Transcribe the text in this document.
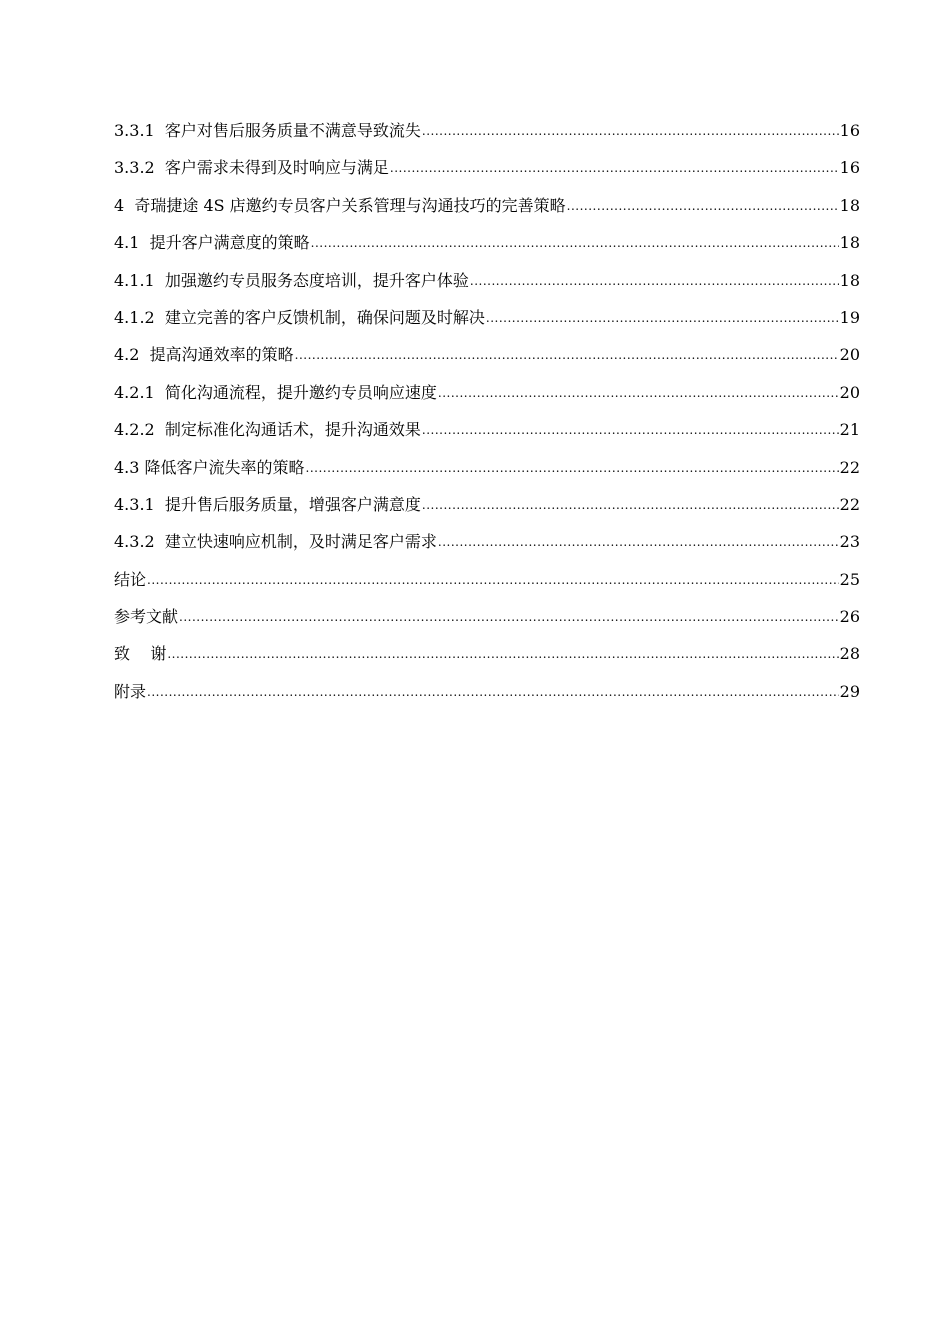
3.3.1  客户对售后服务质量不满意导致流失 .....	16
3.3.2  客户需求未得到及时响应与满足 .....	16
4  奇瑞捷途 4S 店邀约专员客户关系管理与沟通技巧的完善策略 .....	18
4.1  提升客户满意度的策略 .....	18
4.1.1  加强邀约专员服务态度培训，提升客户体验 .....	18
4.1.2  建立完善的客户反馈机制，确保问题及时解决 .....	19
4.2  提高沟通效率的策略 .....	20
4.2.1  简化沟通流程，提升邀约专员响应速度 .....	20
4.2.2  制定标准化沟通话术，提升沟通效果 .....	21
4.3 降低客户流失率的策略 .....	22
4.3.1  提升售后服务质量，增强客户满意度 .....	22
4.3.2  建立快速响应机制，及时满足客户需求 .....	23
结论 .....	25
参考文献 .....	26
致    谢 .....	28
附录 .....	29
